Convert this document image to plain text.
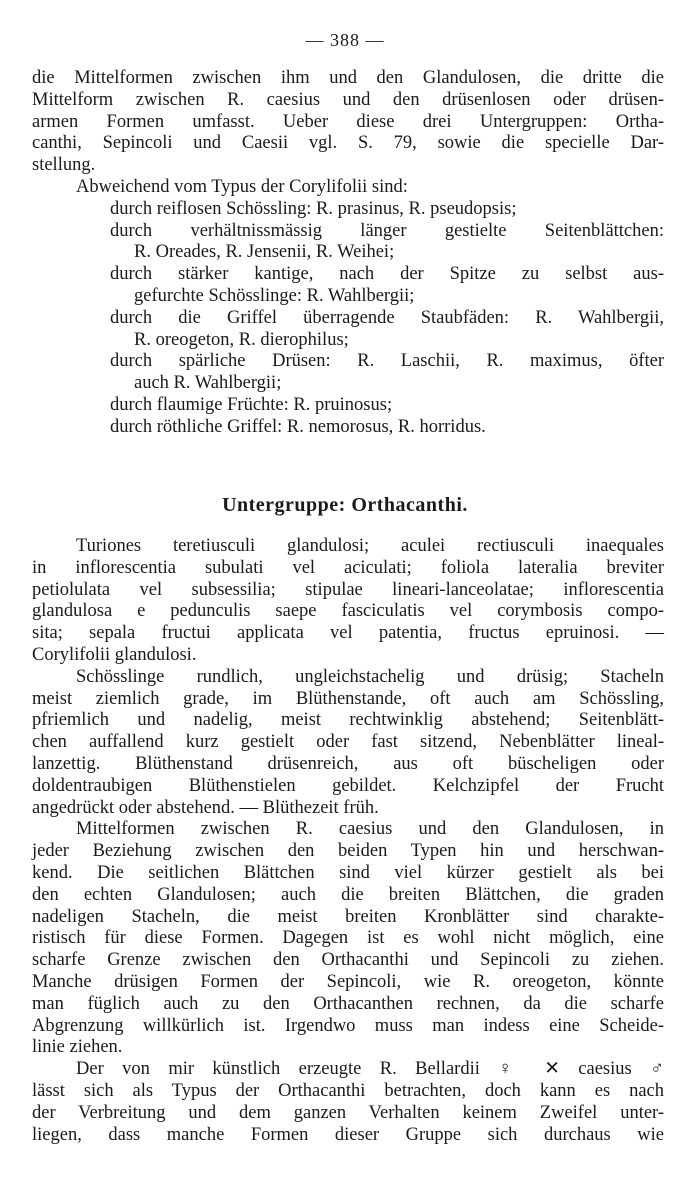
— 388 —
die Mittelformen zwischen ihm und den Glandulosen, die dritte die
Mittelform zwischen R. caesius und den drüsenlosen oder drüsen-
armen Formen umfasst. Ueber diese drei Untergruppen: Ortha-
canthi, Sepincoli und Caesii vgl. S. 79, sowie die specielle Dar-
stellung.
Abweichend vom Typus der Corylifolii sind:
durch reiflosen Schössling: R. prasinus, R. pseudopsis;
durch verhältnissmässig länger gestielte Seitenblättchen:
R. Oreades, R. Jensenii, R. Weihei;
durch stärker kantige, nach der Spitze zu selbst aus-
gefurchte Schösslinge: R. Wahlbergii;
durch die Griffel überragende Staubfäden: R. Wahlbergii,
R. oreogeton, R. dierophilus;
durch spärliche Drüsen: R. Laschii, R. maximus, öfter
auch R. Wahlbergii;
durch flaumige Früchte: R. pruinosus;
durch röthliche Griffel: R. nemorosus, R. horridus.
Untergruppe: Orthacanthi.
Turiones teretiusculi glandulosi; aculei rectiusculi inaequales
in inflorescentia subulati vel aciculati; foliola lateralia breviter
petiolulata vel subsessilia; stipulae lineari-lanceolatae; inflorescentia
glandulosa e pedunculis saepe fasciculatis vel corymbosis compo-
sita; sepala fructui applicata vel patentia, fructus epruinosi. —
Corylifolii glandulosi.
Schösslinge rundlich, ungleichstachelig und drüsig; Stacheln
meist ziemlich grade, im Blüthenstande, oft auch am Schössling,
pfriemlich und nadelig, meist rechtwinklig abstehend; Seitenblätt-
chen auffallend kurz gestielt oder fast sitzend, Nebenblätter lineal-
lanzettig. Blüthenstand drüsenreich, aus oft büscheligen oder
doldentraubigen Blüthenstielen gebildet. Kelchzipfel der Frucht
angedrückt oder abstehend. — Blüthezeit früh.
Mittelformen zwischen R. caesius und den Glandulosen, in
jeder Beziehung zwischen den beiden Typen hin und herschwan-
kend. Die seitlichen Blättchen sind viel kürzer gestielt als bei
den echten Glandulosen; auch die breiten Blättchen, die graden
nadeligen Stacheln, die meist breiten Kronblätter sind charakte-
ristisch für diese Formen. Dagegen ist es wohl nicht möglich, eine
scharfe Grenze zwischen den Orthacanthi und Sepincoli zu ziehen.
Manche drüsigen Formen der Sepincoli, wie R. oreogeton, könnte
man füglich auch zu den Orthacanthen rechnen, da die scharfe
Abgrenzung willkürlich ist. Irgendwo muss man indess eine Scheide-
linie ziehen.
Der von mir künstlich erzeugte R. Bellardii ♀ ✕ caesius ♂
lässt sich als Typus der Orthacanthi betrachten, doch kann es nach
der Verbreitung und dem ganzen Verhalten keinem Zweifel unter-
liegen, dass manche Formen dieser Gruppe sich durchaus wie
